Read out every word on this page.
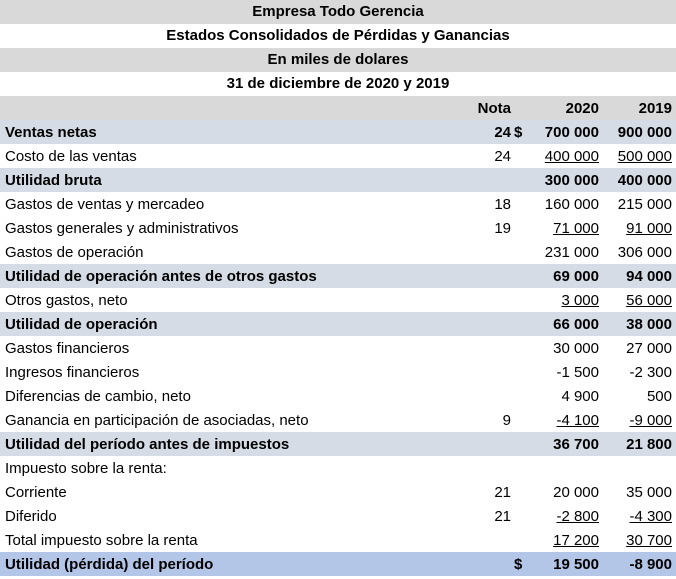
Empresa Todo Gerencia
Estados Consolidados de Pérdidas y Ganancias
En miles de dolares
31 de diciembre de 2020 y 2019
	Nota		2020	2019
Ventas netas	24	$	700 000	900 000
Costo de las ventas	24		400 000	500 000
Utilidad bruta			300 000	400 000
Gastos de ventas y mercadeo	18		160 000	215 000
Gastos generales y administrativos	19		71 000	91 000
Gastos de operación			231 000	306 000
Utilidad de operación antes de otros gastos			69 000	94 000
Otros gastos, neto			3 000	56 000
Utilidad de operación			66 000	38 000
Gastos financieros			30 000	27 000
Ingresos financieros			-1 500	-2 300
Diferencias de cambio, neto			4 900	500
Ganancia en participación de asociadas, neto	9		-4 100	-9 000
Utilidad del período antes de impuestos			36 700	21 800
Impuesto sobre la renta:				
Corriente	21		20 000	35 000
Diferido	21		-2 800	-4 300
Total impuesto sobre la renta			17 200	30 700
Utilidad (pérdida) del período		$	19 500	-8 900
